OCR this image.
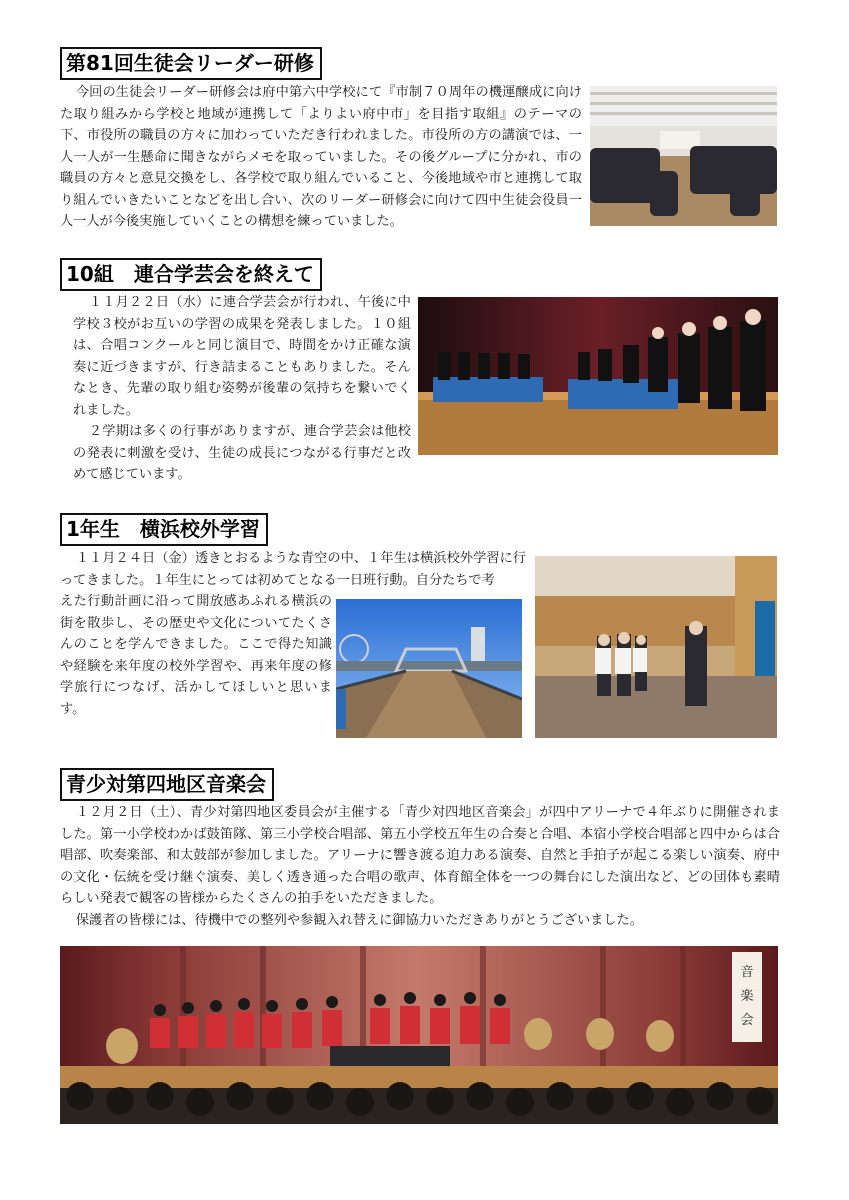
第81回生徒会リーダー研修

今回の生徒会リーダー研修会は府中第六中学校にて『市制７０周年の機運醸成に向けた取り組みから学校と地域が連携して「よりよい府中市」を目指す取組』のテーマの下、市役所の職員の方々に加わっていただき行われました。市役所の方の講演では、一人一人が一生懸命に聞きながらメモを取っていました。その後グループに分かれ、市の職員の方々と意見交換をし、各学校で取り組んでいること、今後地域や市と連携して取り組んでいきたいことなどを出し合い、次のリーダー研修会に向けて四中生徒会役員一人一人が今後実施していくことの構想を練っていました。

10組　連合学芸会を終えて

１１月２２日（水）に連合学芸会が行われ、午後に中学校３校がお互いの学習の成果を発表しました。１０組は、合唱コンクールと同じ演目で、時間をかけ正確な演奏に近づきますが、行き詰まることもありました。そんなとき、先輩の取り組む姿勢が後輩の気持ちを繋いでくれました。

２学期は多くの行事がありますが、連合学芸会は他校の発表に刺激を受け、生徒の成長につながる行事だと改めて感じています。

1年生　横浜校外学習

１１月２４日（金）透きとおるような青空の中、１年生は横浜校外学習に行ってきました。１年生にとっては初めてとなる一日班行動。自分たちで考

えた行動計画に沿って開放感あふれる横浜の街を散歩し、その歴史や文化についてたくさんのことを学んできました。ここで得た知識や経験を来年度の校外学習や、再来年度の修学旅行につなげ、活かしてほしいと思います。

青少対第四地区音楽会

１２月２日（土）、青少対第四地区委員会が主催する「青少対四地区音楽会」が四中アリーナで４年ぶりに開催されました。第一小学校わかば鼓笛隊、第三小学校合唱部、第五小学校五年生の合奏と合唱、本宿小学校合唱部と四中からは合唱部、吹奏楽部、和太鼓部が参加しました。アリーナに響き渡る迫力ある演奏、自然と手拍子が起こる楽しい演奏、府中の文化・伝統を受け継ぐ演奏、美しく透き通った合唱の歌声、体育館全体を一つの舞台にした演出など、どの団体も素晴らしい発表で観客の皆様からたくさんの拍手をいただきました。

保護者の皆様には、待機中での整列や参観入れ替えに御協力いただきありがとうございました。

音
楽
会
